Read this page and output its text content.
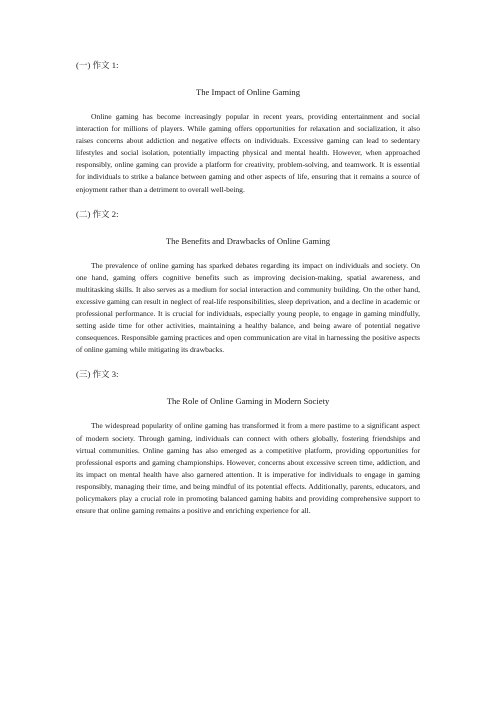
(一) 作文 1:

The Impact of Online Gaming

Online gaming has become increasingly popular in recent years, providing entertainment and social interaction for millions of players. While gaming offers opportunities for relaxation and socialization, it also raises concerns about addiction and negative effects on individuals. Excessive gaming can lead to sedentary lifestyles and social isolation, potentially impacting physical and mental health. However, when approached responsibly, online gaming can provide a platform for creativity, problem-solving, and teamwork. It is essential for individuals to strike a balance between gaming and other aspects of life, ensuring that it remains a source of enjoyment rather than a detriment to overall well-being.

(二) 作文 2:

The Benefits and Drawbacks of Online Gaming

The prevalence of online gaming has sparked debates regarding its impact on individuals and society. On one hand, gaming offers cognitive benefits such as improving decision-making, spatial awareness, and multitasking skills. It also serves as a medium for social interaction and community building. On the other hand, excessive gaming can result in neglect of real-life responsibilities, sleep deprivation, and a decline in academic or professional performance. It is crucial for individuals, especially young people, to engage in gaming mindfully, setting aside time for other activities, maintaining a healthy balance, and being aware of potential negative consequences. Responsible gaming practices and open communication are vital in harnessing the positive aspects of online gaming while mitigating its drawbacks.

(三) 作文 3:

The Role of Online Gaming in Modern Society

The widespread popularity of online gaming has transformed it from a mere pastime to a significant aspect of modern society. Through gaming, individuals can connect with others globally, fostering friendships and virtual communities. Online gaming has also emerged as a competitive platform, providing opportunities for professional esports and gaming championships. However, concerns about excessive screen time, addiction, and its impact on mental health have also garnered attention. It is imperative for individuals to engage in gaming responsibly, managing their time, and being mindful of its potential effects. Additionally, parents, educators, and policymakers play a crucial role in promoting balanced gaming habits and providing comprehensive support to ensure that online gaming remains a positive and enriching experience for all.
